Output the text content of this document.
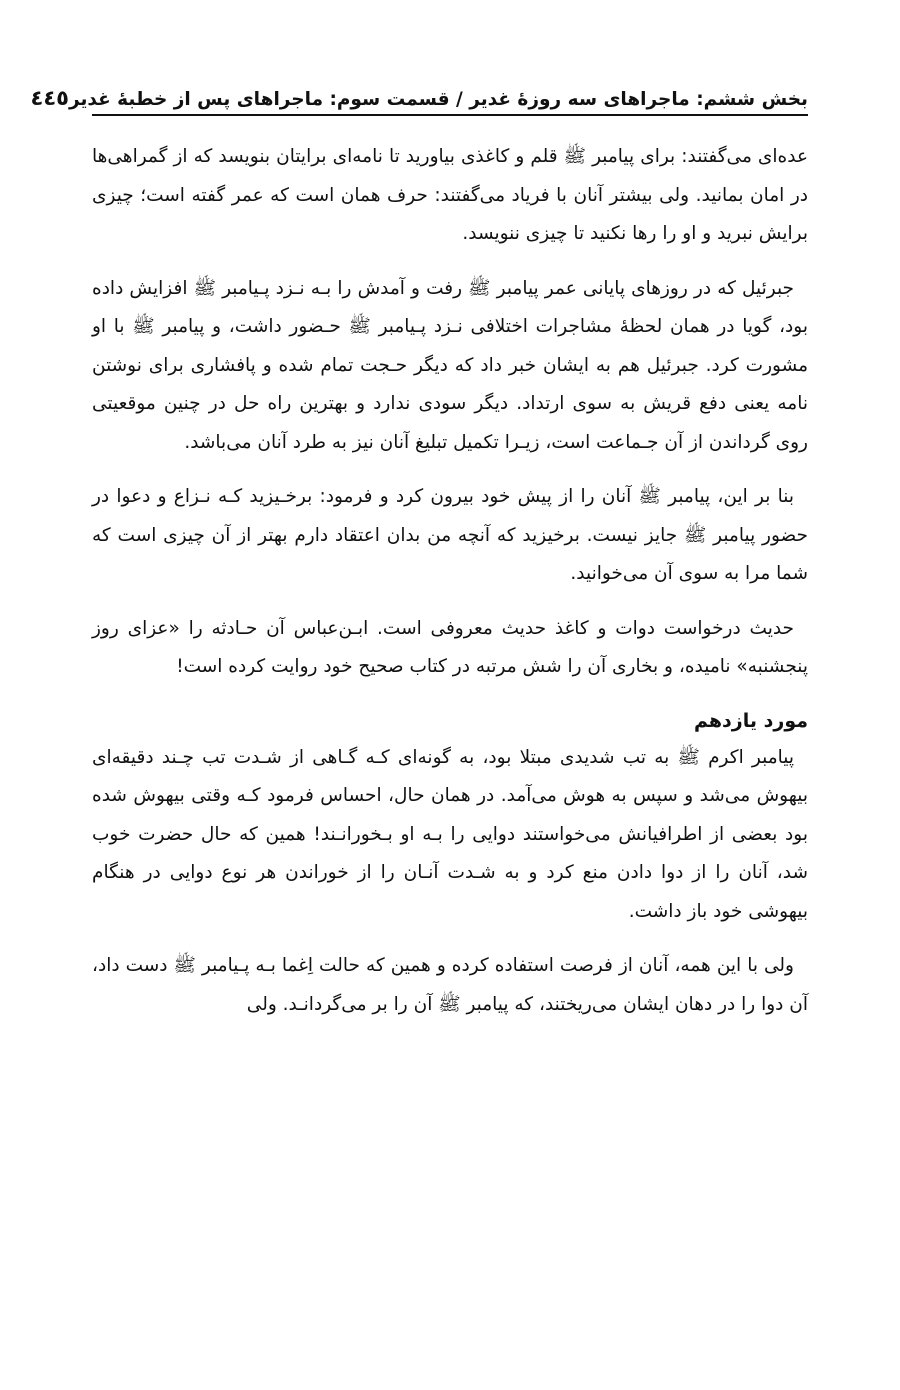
بخش ششم: ماجراهای سه روزهٔ غدیر / قسمت سوم: ماجراهای پس از خطبهٔ غدیر
٤٤٥

عده‌ای می‌گفتند: برای پیامبر ﷺ قلم و کاغذی بیاورید تا نامه‌ای برایتان بنویسد که از گمراهی‌ها در امان بمانید. ولی بیشتر آنان با فریاد می‌گفتند: حرف همان است که عمر گفته است؛ چیزی برایش نبرید و او را رها نکنید تا چیزی ننویسد.

جبرئیل که در روزهای پایانی عمر پیامبر ﷺ رفت و آمدش را بـه نـزد پـیامبر ﷺ افزایش داده بود، گویا در همان لحظهٔ مشاجرات اختلافی نـزد پـیامبر ﷺ حـضور داشت، و پیامبر ﷺ با او مشورت کرد. جبرئیل هم به ایشان خبر داد که دیگر حـجت تمام شده و پافشاری برای نوشتن نامه یعنی دفع قریش به سوی ارتداد. دیگر سودی ندارد و بهترین راه حل در چنین موقعیتی روی گرداندن از آن جـماعت است، زیـرا تکمیل تبلیغ آنان نیز به طرد آنان می‌باشد.

بنا بر این، پیامبر ﷺ آنان را از پیش خود بیرون کرد و فرمود: برخـیزید کـه نـزاع و دعوا در حضور پیامبر ﷺ جایز نیست. برخیزید که آنچه من بدان اعتقاد دارم بهتر از آن چیزی است که شما مرا به سوی آن می‌خوانید.

حدیث درخواست دوات و کاغذ حدیث معروفی است. ابـن‌عباس آن حـادثه را «عزای روز پنجشنبه» نامیده، و بخاری آن را شش مرتبه در کتاب صحیح خود روایت کرده است!

مورد یازدهم

پیامبر اکرم ﷺ به تب شدیدی مبتلا بود، به گونه‌ای کـه گـاهی از شـدت تب چـند دقیقه‌ای بیهوش می‌شد و سپس به هوش می‌آمد. در همان حال، احساس فرمود کـه وقتی بیهوش شده بود بعضی از اطرافیانش می‌خواستند دوایی را بـه او بـخورانـند! همین که حال حضرت خوب شد، آنان را از دوا دادن منع کرد و به شـدت آنـان را از خوراندن هر نوع دوایی در هنگام بیهوشی خود باز داشت.

ولی با این همه، آنان از فرصت استفاده کرده و همین که حالت اِغما بـه پـیامبر ﷺ دست داد، آن دوا را در دهان ایشان می‌ریختند، که پیامبر ﷺ آن را بر می‌گردانـد. ولی
